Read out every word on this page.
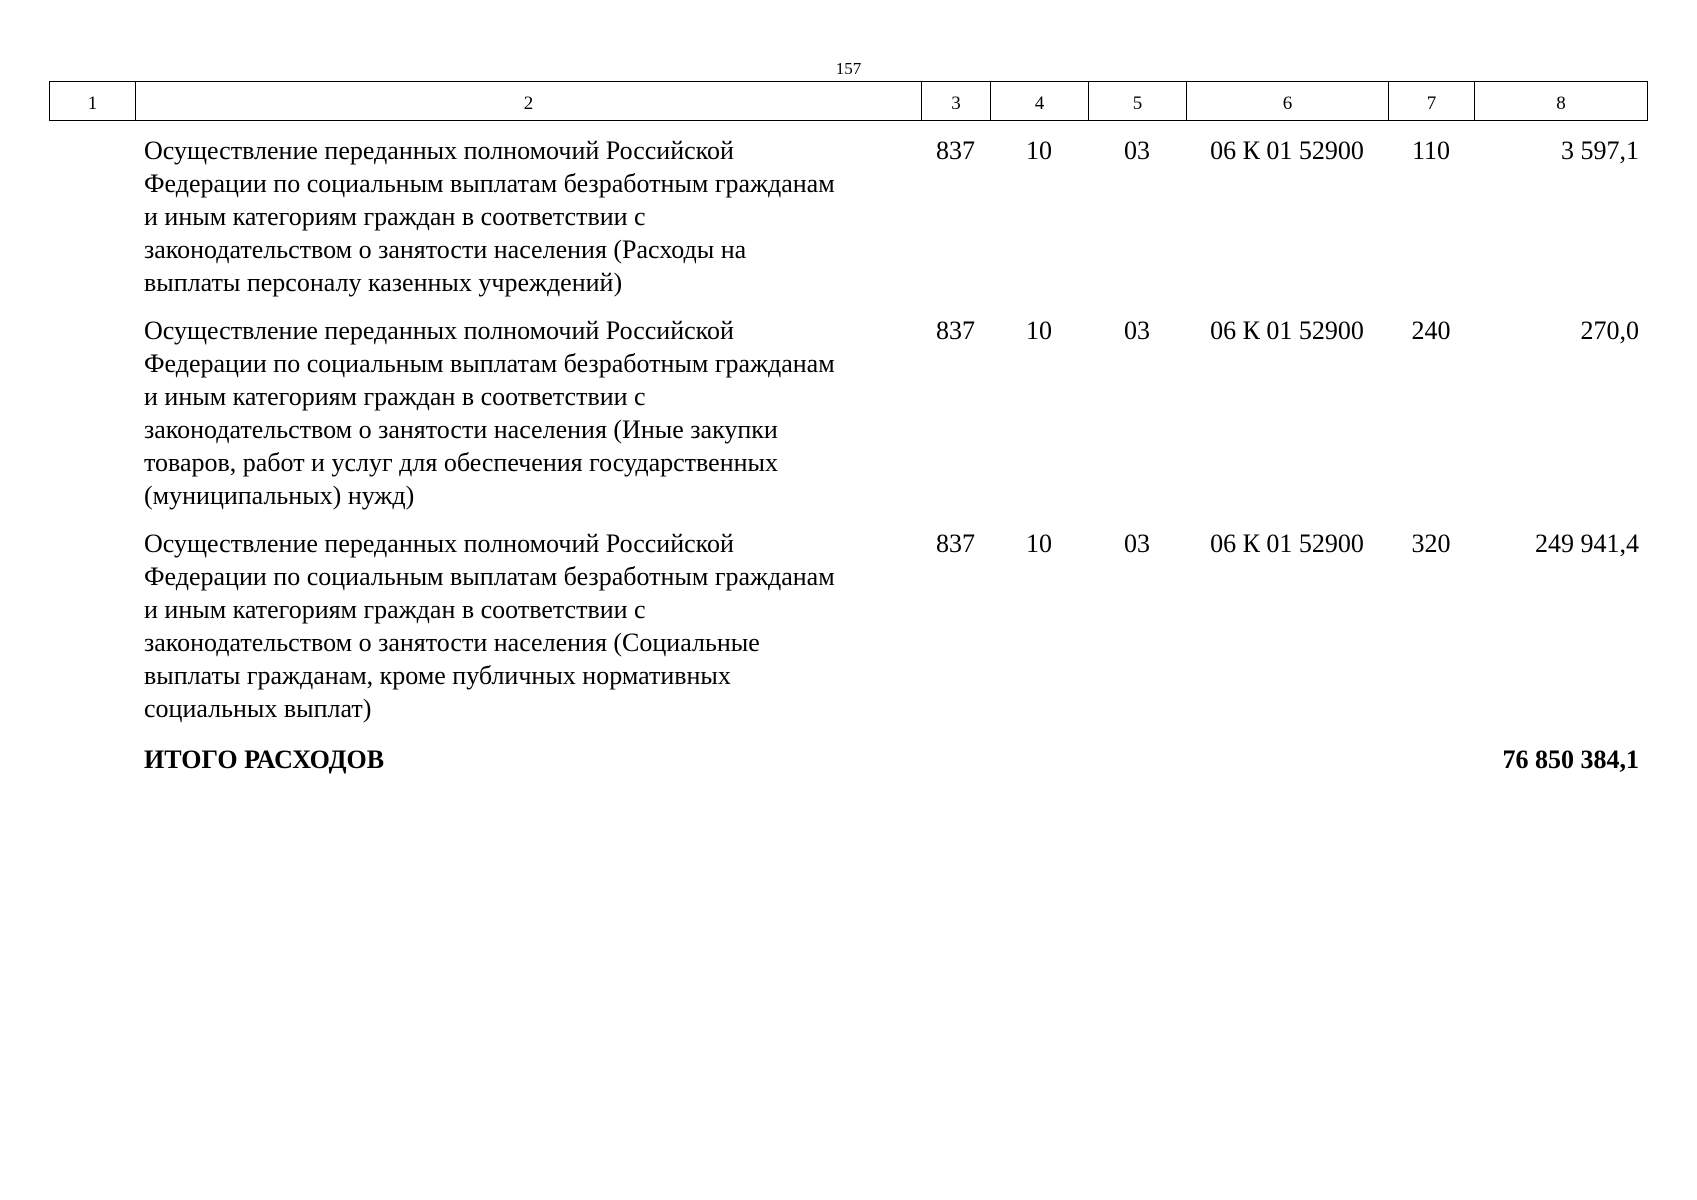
157
1	2	3	4	5	6	7	8
Осуществление переданных полномочий Российской
Федерации по социальным выплатам безработным гражданам
и иным категориям граждан в соответствии с
законодательством о занятости населения (Расходы на
выплаты персоналу казенных учреждений)
837	10	03	06 К 01 52900	110	3 597,1
Осуществление переданных полномочий Российской
Федерации по социальным выплатам безработным гражданам
и иным категориям граждан в соответствии с
законодательством о занятости населения (Иные закупки
товаров, работ и услуг для обеспечения государственных
(муниципальных) нужд)
837	10	03	06 К 01 52900	240	270,0
Осуществление переданных полномочий Российской
Федерации по социальным выплатам безработным гражданам
и иным категориям граждан в соответствии с
законодательством о занятости населения (Социальные
выплаты гражданам, кроме публичных нормативных
социальных выплат)
837	10	03	06 К 01 52900	320	249 941,4
ИТОГО РАСХОДОВ	76 850 384,1
